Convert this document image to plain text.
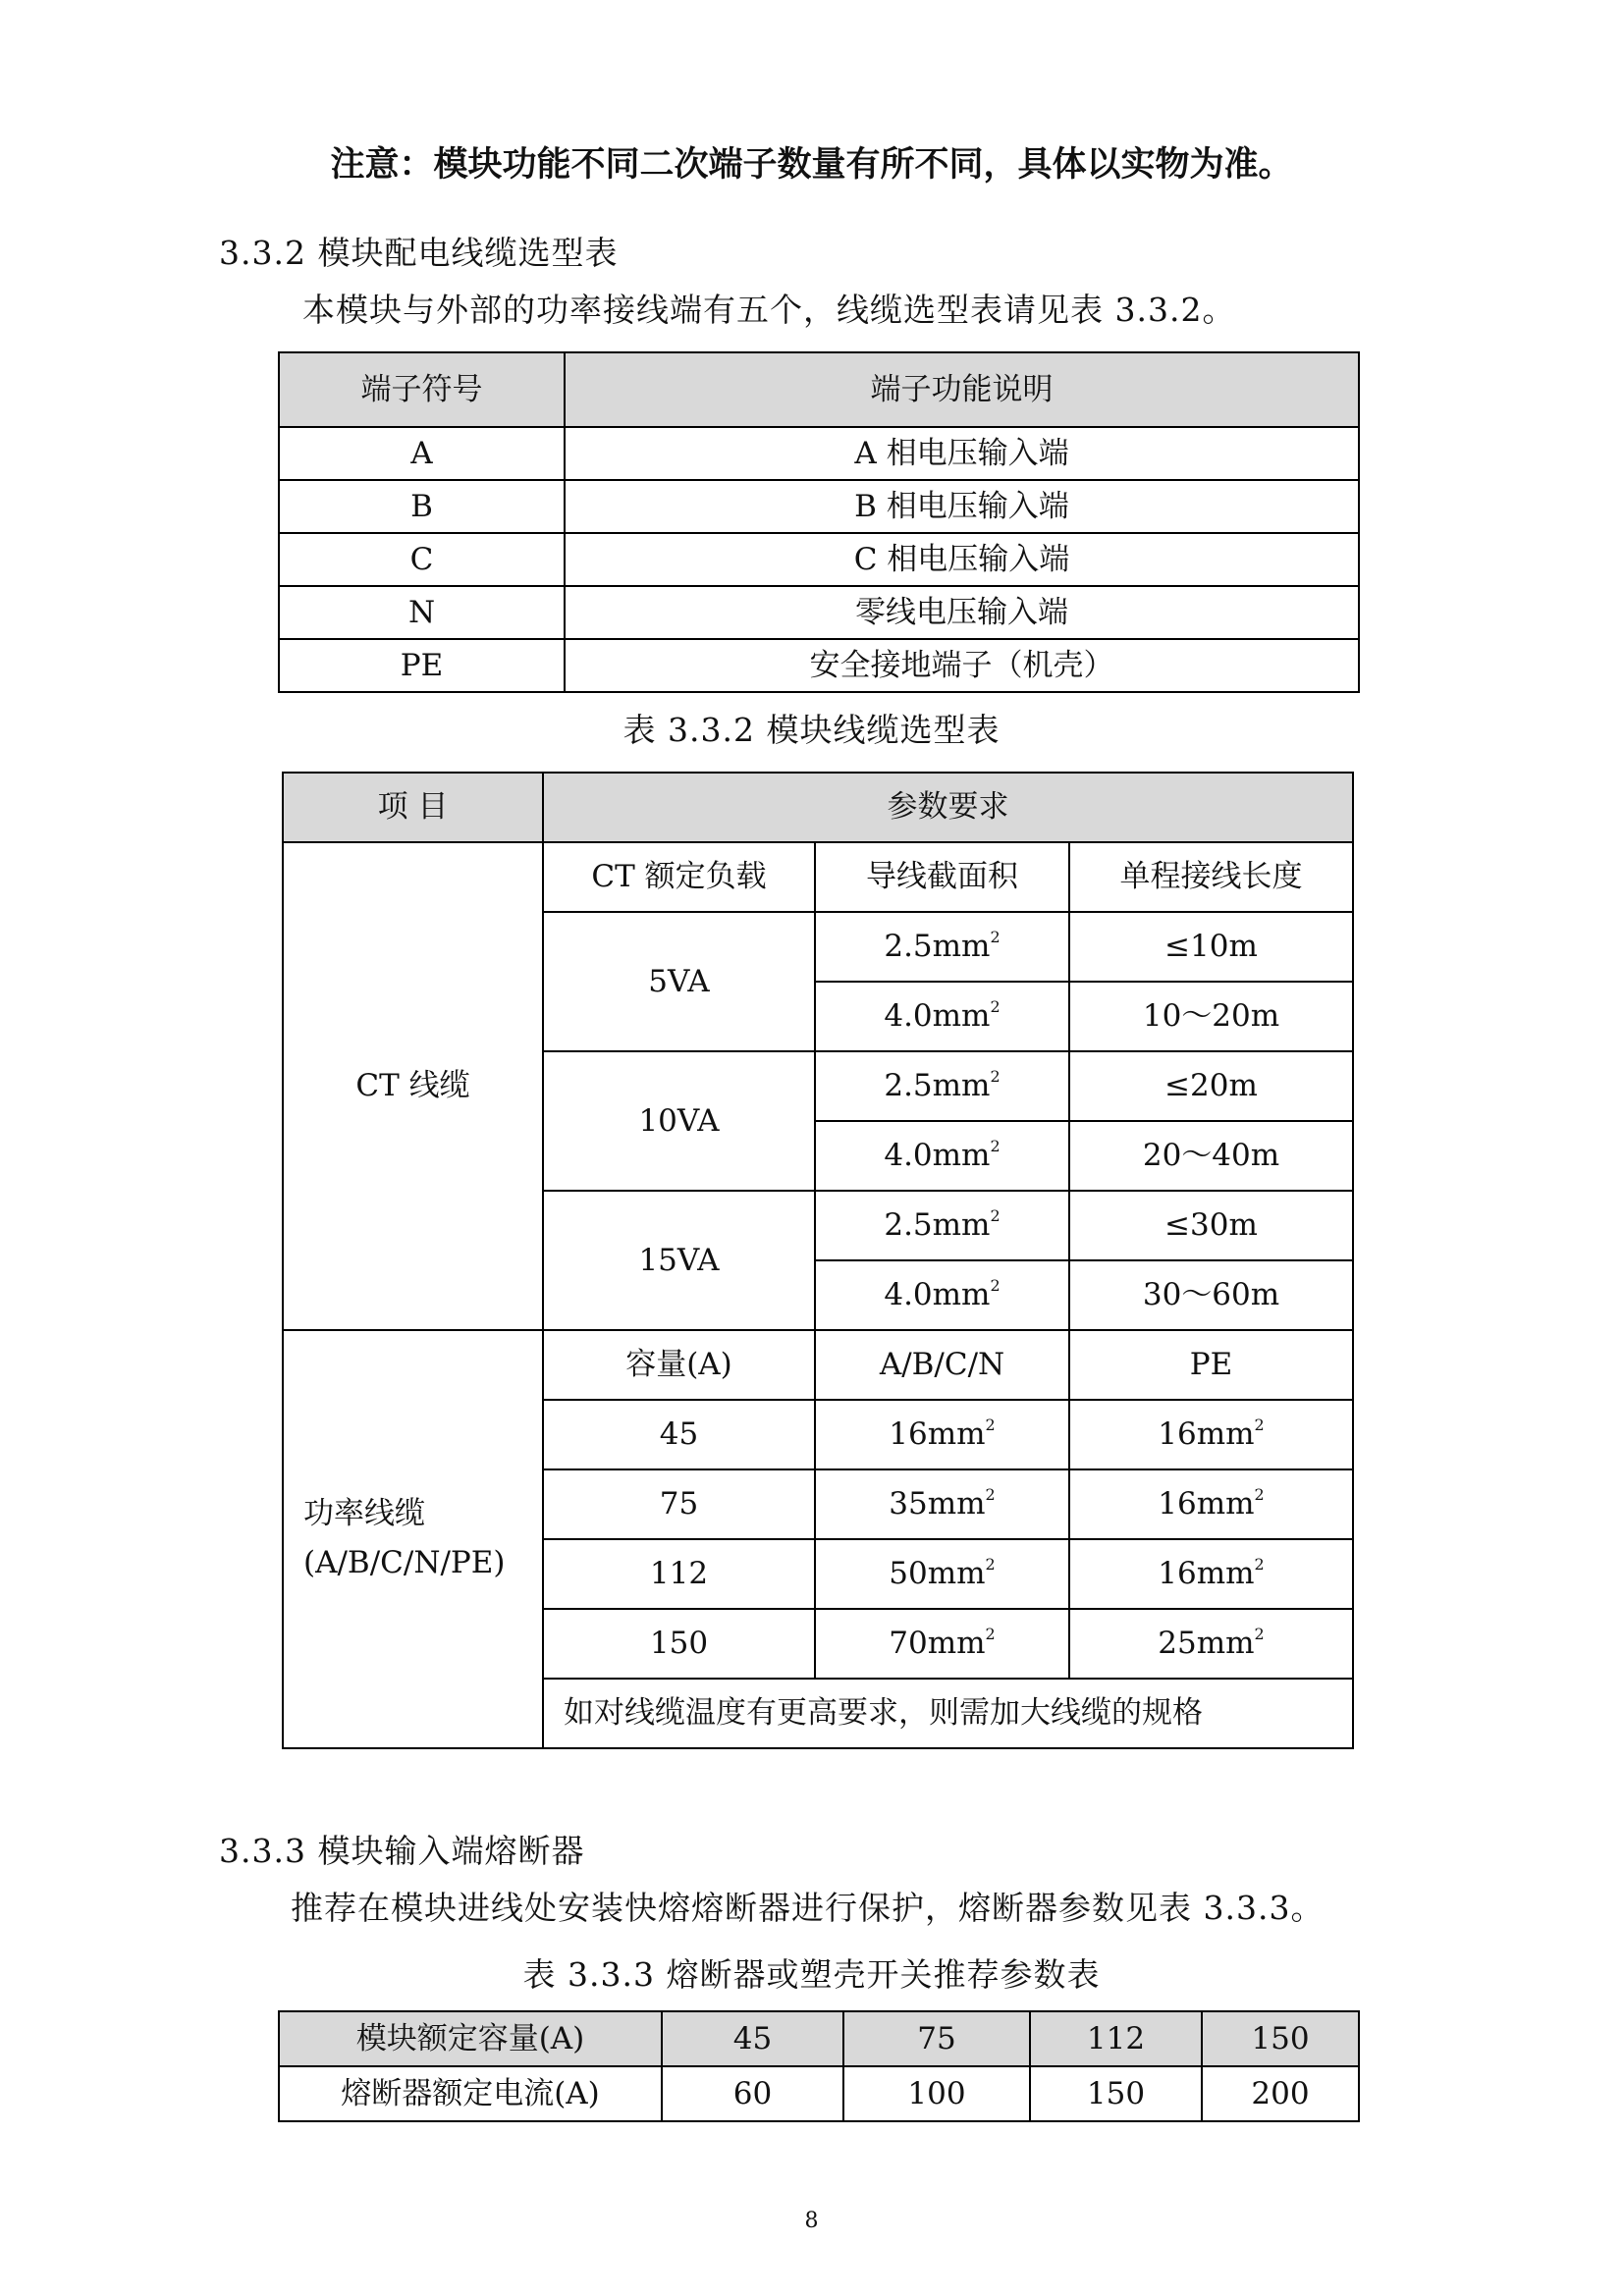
注意：模块功能不同二次端子数量有所不同，具体以实物为准。
3.3.2 模块配电线缆选型表
本模块与外部的功率接线端有五个，线缆选型表请见表 3.3.2。
端子符号	端子功能说明
A	A 相电压输入端
B	B 相电压输入端
C	C 相电压输入端
N	零线电压输入端
PE	安全接地端子（机壳）
表 3.3.2 模块线缆选型表
项 目	参数要求		
CT 线缆	CT 额定负载	导线截面积	单程接线长度
	5VA	$2.5mm^2$	≤10m
		$4.0mm^2$	10～20m
	10VA	$2.5mm^2$	≤20m
		$4.0mm^2$	20～40m
	15VA	$2.5mm^2$	≤30m
		$4.0mm^2$	30～60m

功率线缆
(A/B/C/N/PE)	容量(A)	A/B/C/N	PE
	45	$16mm^2$	$16mm^2$
	75	$35mm^2$	$16mm^2$
	112	$50mm^2$	$16mm^2$
	150	$70mm^2$	$25mm^2$
	如对线缆温度有更高要求，则需加大线缆的规格		
3.3.3 模块输入端熔断器
推荐在模块进线处安装快熔熔断器进行保护，熔断器参数见表 3.3.3。
表 3.3.3 熔断器或塑壳开关推荐参数表
模块额定容量(A)	45	75	112	150
熔断器额定电流(A)	60	100	150	200
8
